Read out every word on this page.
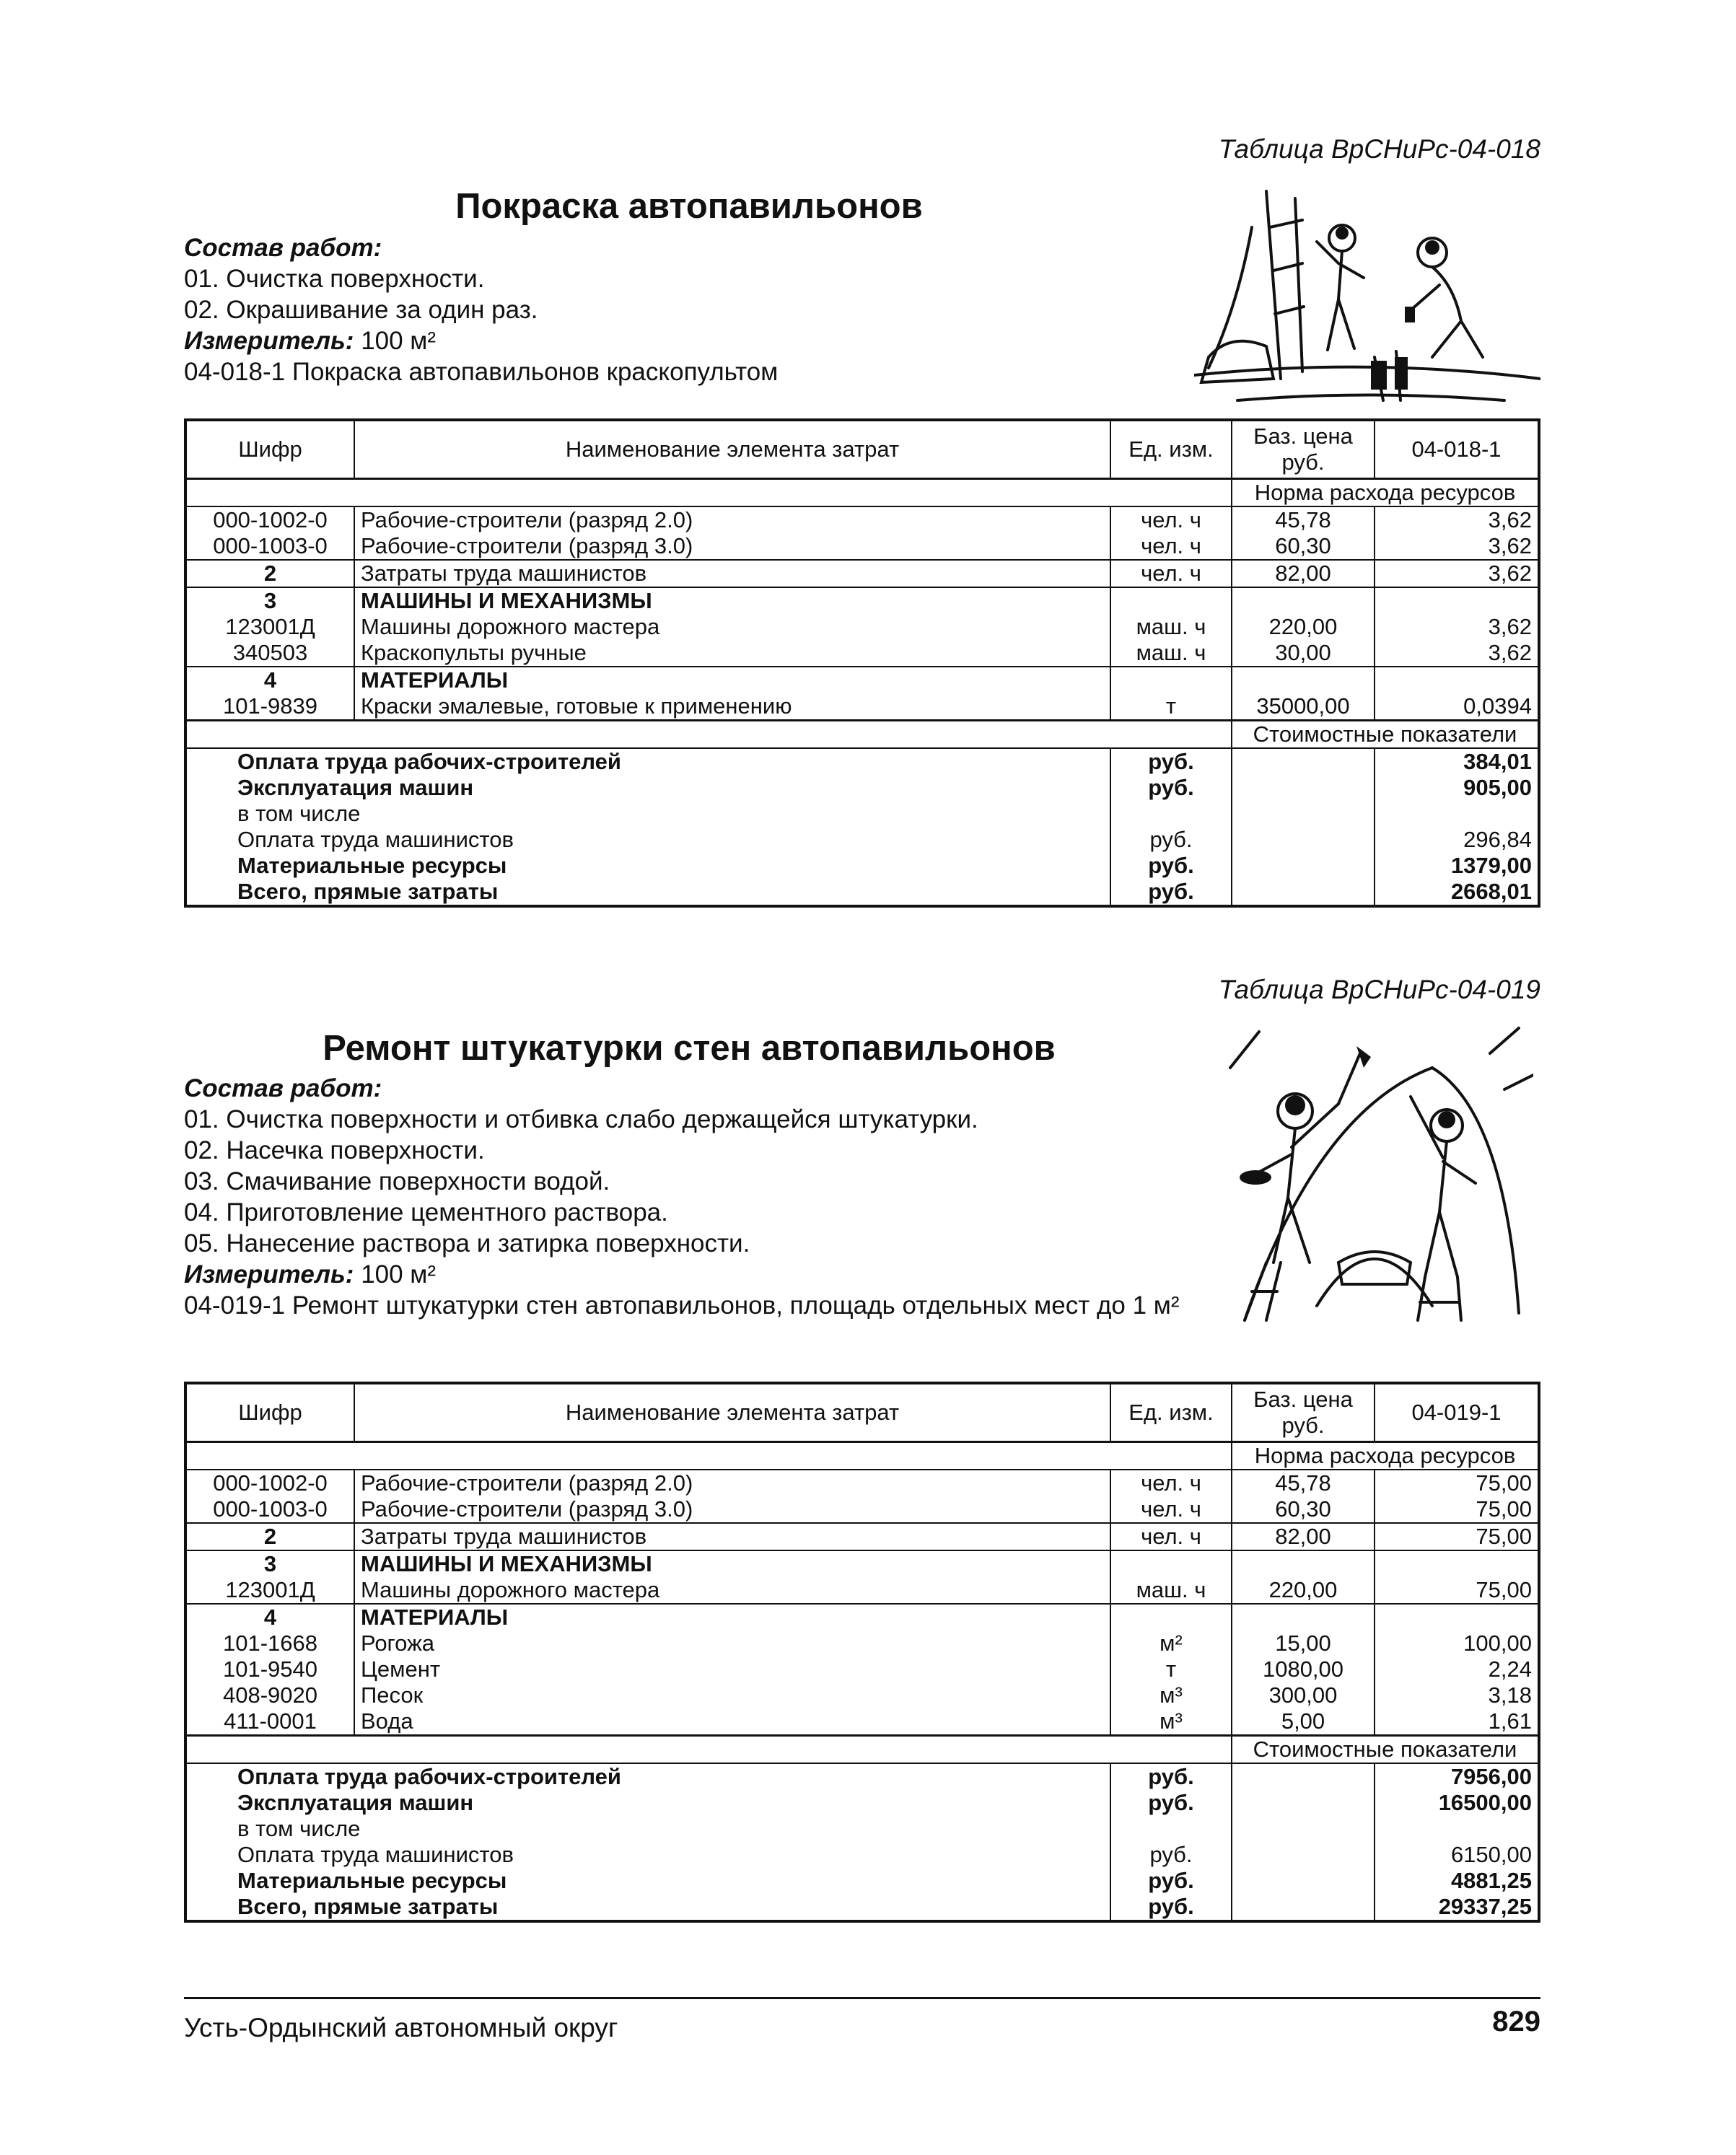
Таблица ВрСНиРс-04-018
Покраска автопавильонов
Состав работ:
01. Очистка поверхности.
02. Окрашивание за один раз.
Измеритель: 100 м²
04-018-1 Покраска автопавильонов краскопультом
Шифр	Наименование элемента затрат	Ед. изм.	Баз. цена руб.	04-018-1
			Норма расхода ресурсов	
000-1002-0	Рабочие-строители (разряд 2.0)	чел. ч	45,78	3,62
000-1003-0	Рабочие-строители (разряд 3.0)	чел. ч	60,30	3,62
2	Затраты труда машинистов	чел. ч	82,00	3,62
3	МАШИНЫ И МЕХАНИЗМЫ			
123001Д	Машины дорожного мастера	маш. ч	220,00	3,62
340503	Краскопульты ручные	маш. ч	30,00	3,62
4	МАТЕРИАЛЫ			
101-9839	Краски эмалевые, готовые к применению	т	35000,00	0,0394
			Стоимостные показатели	
Оплата труда рабочих-строителей		руб.		384,01
Эксплуатация машин		руб.		905,00
в том числе				
Оплата труда машинистов		руб.		296,84
Материальные ресурсы		руб.		1379,00
Всего, прямые затраты		руб.		2668,01
Таблица ВрСНиРс-04-019
Ремонт штукатурки стен автопавильонов
Состав работ:
01. Очистка поверхности и отбивка слабо держащейся штукатурки.
02. Насечка поверхности.
03. Смачивание поверхности водой.
04. Приготовление цементного раствора.
05. Нанесение раствора и затирка поверхности.
Измеритель: 100 м²
04-019-1 Ремонт штукатурки стен автопавильонов, площадь отдельных мест до 1 м²
Шифр	Наименование элемента затрат	Ед. изм.	Баз. цена руб.	04-019-1
			Норма расхода ресурсов	
000-1002-0	Рабочие-строители (разряд 2.0)	чел. ч	45,78	75,00
000-1003-0	Рабочие-строители (разряд 3.0)	чел. ч	60,30	75,00
2	Затраты труда машинистов	чел. ч	82,00	75,00
3	МАШИНЫ И МЕХАНИЗМЫ			
123001Д	Машины дорожного мастера	маш. ч	220,00	75,00
4	МАТЕРИАЛЫ			
101-1668	Рогожа	м²	15,00	100,00
101-9540	Цемент	т	1080,00	2,24
408-9020	Песок	м³	300,00	3,18
411-0001	Вода	м³	5,00	1,61
			Стоимостные показатели	
Оплата труда рабочих-строителей		руб.		7956,00
Эксплуатация машин		руб.		16500,00
в том числе				
Оплата труда машинистов		руб.		6150,00
Материальные ресурсы		руб.		4881,25
Всего, прямые затраты		руб.		29337,25
Усть-Ордынский автономный округ	829
